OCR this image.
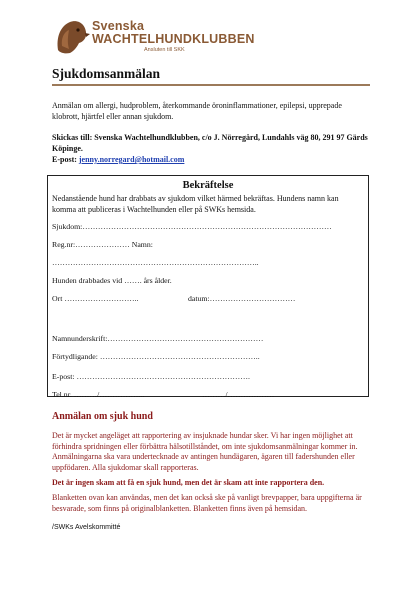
Svenska
WACHTELHUNDKLUBBEN
Ansluten till SKK
Sjukdomsanmälan
Anmälan om allergi, hudproblem, återkommande öroninflammationer, epilepsi, upprepade klobrott, hjärtfel eller annan sjukdom.
Skickas till: Svenska Wachtelhundklubben, c/o J. Nörregård, Lundahls väg 80, 291 97 Gärds Köpinge.
E-post: jenny.norregard@hotmail.com
Bekräftelse
Nedanstående hund har drabbats av sjukdom vilket härmed bekräftas. Hundens namn kan komma att publiceras i Wachtelhunden eller på SWKs hemsida.
Sjukdom:……………………………………………………………………………………
Reg.nr:………………… Namn:
……………………………………………………………………..
Hunden drabbades vid ……. års ålder.
Ort ………………………..	datum:……………………………
Namnunderskrift:……………………………………………………
Förtydligande: ……………………………………………………..
E-post: ………………………………………………………….
Tel.nr. ………/……………...	………/………………
Anmälan om sjuk hund
Det är mycket angeläget att rapportering av insjuknade hundar sker. Vi har ingen möjlighet att förhindra spridningen eller förbättra hälsotillståndet, om inte sjukdomsanmälningar kommer in. Anmälningarna ska vara undertecknade av antingen hundägaren, ägaren till fadershunden eller uppfödaren. Alla sjukdomar skall rapporteras.
Det är ingen skam att få en sjuk hund, men det är skam att inte rapportera den.
Blanketten ovan kan användas, men det kan också ske på vanligt brevpapper, bara uppgifterna är besvarade, som finns på originalblanketten. Blanketten finns även på hemsidan.
/SWKs Avelskommitté
